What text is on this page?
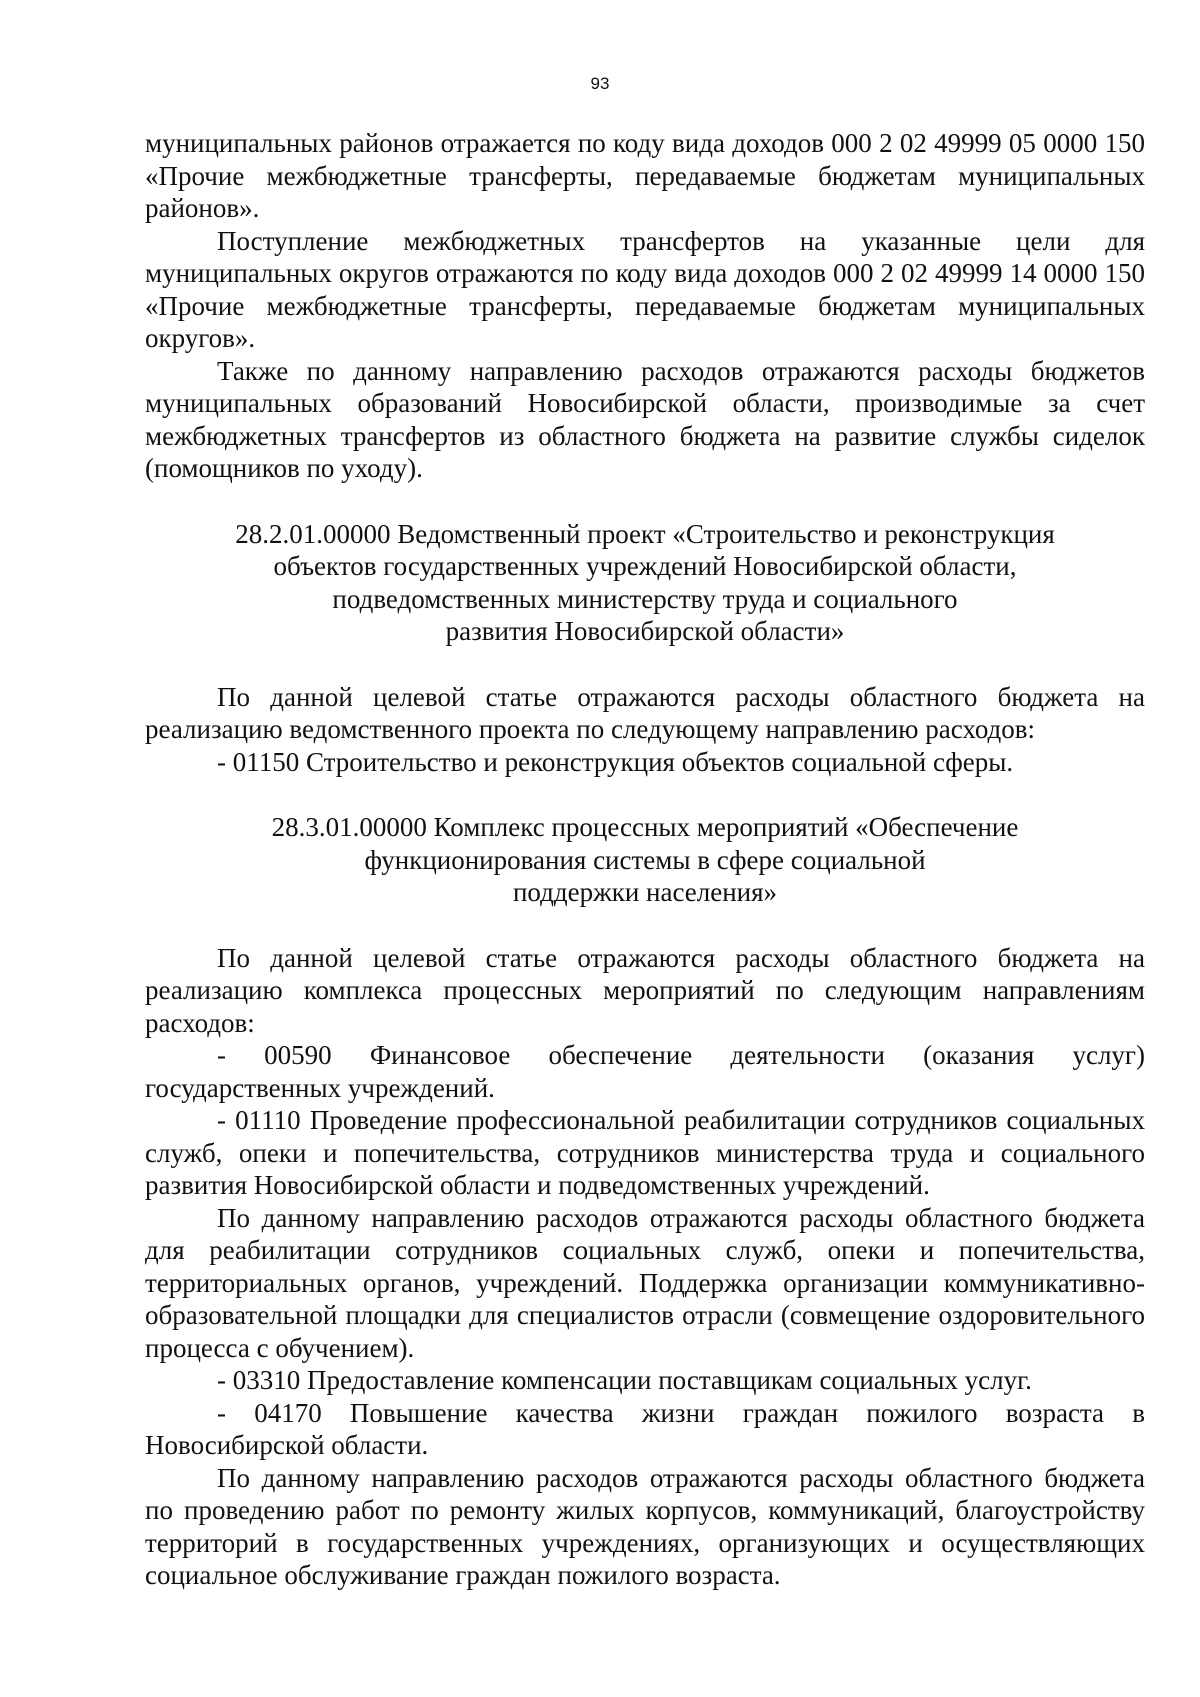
93

муниципальных районов отражается по коду вида доходов 000 2 02 49999 05 0000 150 «Прочие межбюджетные трансферты, передаваемые бюджетам муниципальных районов».

Поступление межбюджетных трансфертов на указанные цели для муниципальных округов отражаются по коду вида доходов 000 2 02 49999 14 0000 150 «Прочие межбюджетные трансферты, передаваемые бюджетам муниципальных округов».

Также по данному направлению расходов отражаются расходы бюджетов муниципальных образований Новосибирской области, производимые за счет межбюджетных трансфертов из областного бюджета на развитие службы сиделок (помощников по уходу).

28.2.01.00000 Ведомственный проект «Строительство и реконструкция
объектов государственных учреждений Новосибирской области,
подведомственных министерству труда и социального
развития Новосибирской области»

По данной целевой статье отражаются расходы областного бюджета на реализацию ведомственного проекта по следующему направлению расходов:

- 01150 Строительство и реконструкция объектов социальной сферы.

28.3.01.00000 Комплекс процессных мероприятий «Обеспечение
функционирования системы в сфере социальной
поддержки населения»

По данной целевой статье отражаются расходы областного бюджета на реализацию комплекса процессных мероприятий по следующим направлениям расходов:

- 00590 Финансовое обеспечение деятельности (оказания услуг) государственных учреждений.

- 01110 Проведение профессиональной реабилитации сотрудников социальных служб, опеки и попечительства, сотрудников министерства труда и социального развития Новосибирской области и подведомственных учреждений.

По данному направлению расходов отражаются расходы областного бюджета для реабилитации сотрудников социальных служб, опеки и попечительства, территориальных органов, учреждений. Поддержка организации коммуникативно-образовательной площадки для специалистов отрасли (совмещение оздоровительного процесса с обучением).

- 03310 Предоставление компенсации поставщикам социальных услуг.

- 04170 Повышение качества жизни граждан пожилого возраста в Новосибирской области.

По данному направлению расходов отражаются расходы областного бюджета по проведению работ по ремонту жилых корпусов, коммуникаций, благоустройству территорий в государственных учреждениях, организующих и осуществляющих социальное обслуживание граждан пожилого возраста.
